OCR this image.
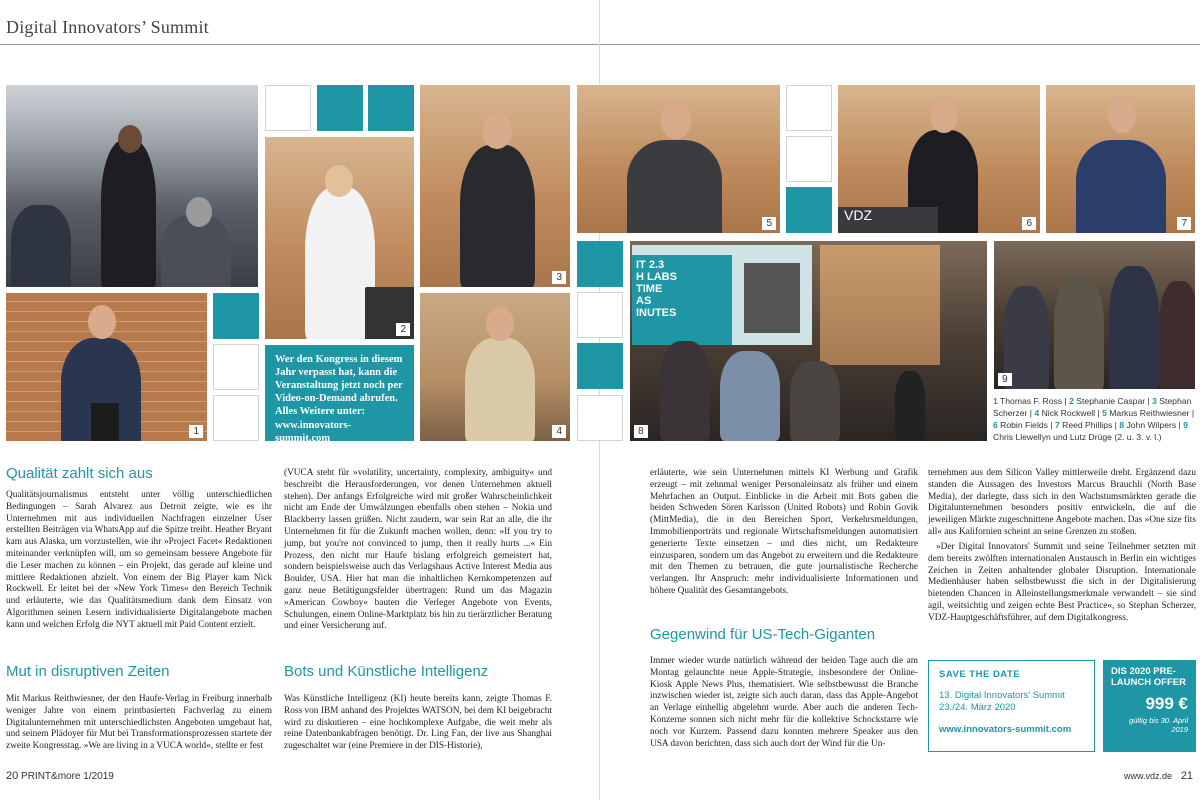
Digital Innovators’ Summit
2
3
1	4
Wer den Kongress in diesem Jahr verpasst hat, kann die Veranstaltung jetzt noch per Video-on-Demand abrufen. Alles Weitere unter:
www.innovators-summit.com
5
VDZ
6	7
IT 2.3
H LABS
TIME
AS
INUTES
8
9
1 Thomas F. Ross | 2 Stephanie Caspar | 3 Stephan Scherzer | 4 Nick Rockwell | 5 Markus Reithwiesner | 6 Robin Fields | 7 Reed Phillips | 8 John Wilpers | 9 Chris Llewellyn und Lutz Drüge (2. u. 3. v. l.)
Qualität zahlt sich aus

Qualitätsjournalismus entsteht unter völlig unterschiedlichen Bedingungen – Sarah Alvarez aus Detroit zeigte, wie es ihr Unternehmen mit aus individuellen Nachfragen einzelner User erstellten Beiträgen via WhatsApp auf die Spitze treibt. Heather Bryant kam aus Alaska, um vorzustellen, wie ihr »Project Facet« Redaktionen miteinander verknüpfen will, um so gemeinsam bessere Angebote für die Leser machen zu können – ein Projekt, das gerade auf kleine und mittlere Redaktionen abzielt. Von einem der Big Player kam Nick Rockwell. Er leitet bei der »New York Times« den Bereich Technik und erläuterte, wie das Qualitätsmedium dank dem Einsatz von Algorithmen seinen Lesern individualisierte Digitalangebote machen kann und welchen Erfolg die NYT aktuell mit Paid Content erzielt.

Mut in disruptiven Zeiten

Mit Markus Reithwiesner, der den Haufe-Verlag in Freiburg innerhalb weniger Jahre von einem printbasierten Fachverlag zu einem Digitalunternehmen mit unterschiedlichsten Angeboten umgebaut hat, und seinem Plädoyer für Mut bei Transformationsprozessen startete der zweite Kongresstag. »We are living in a VUCA world«, stellte er fest

(VUCA steht für »volatility, uncertainty, complexity, ambiguity« und beschreibt die Herausforderungen, vor denen Unternehmen aktuell stehen). Der anfangs Erfolgreiche wird mit großer Wahrscheinlichkeit nicht am Ende der Umwälzungen ebenfalls oben stehen – Nokia und Blackberry lassen grüßen. Nicht zaudern, war sein Rat an alle, die ihr Unternehmen fit für die Zukunft machen wollen, denn: »If you try to jump, but you're not convinced to jump, then it really hurts ...« Ein Prozess, den nicht nur Haufe bislang erfolgreich gemeistert hat, sondern beispielsweise auch das Verlagshaus Active Interest Media aus Boulder, USA. Hier hat man die inhaltlichen Kernkompetenzen auf ganz neue Betätigungsfelder übertragen: Rund um das Magazin »American Cowboy« bauten die Verleger Angebote von Events, Schulungen, einem Online-Marktplatz bis hin zu tierärztlicher Beratung und einer Versicherung auf.

Bots und Künstliche Intelligenz

Was Künstliche Intelligenz (KI) heute bereits kann, zeigte Thomas F. Ross von IBM anhand des Projektes WATSON, bei dem KI beigebracht wird zu diskutieren – eine hochkomplexe Aufgabe, die weit mehr als reine Datenbankabfragen benötigt. Dr. Ling Fan, der live aus Shanghai zugeschaltet war (eine Premiere in der DIS-Historie),

erläuterte, wie sein Unternehmen mittels KI Werbung und Grafik erzeugt – mit zehnmal weniger Personaleinsatz als früher und einem Mehrfachen an Output. Einblicke in die Arbeit mit Bots gaben die beiden Schweden Sören Karlsson (United Robots) und Robin Govik (MittMedia), die in den Bereichen Sport, Verkehrsmeldungen, Immobilienporträts und regionale Wirtschaftsmeldungen automatisiert generierte Texte einsetzen – und dies nicht, um Redakteure einzusparen, sondern um das Angebot zu erweitern und die Redakteure mit den Themen zu betrauen, die gute journalistische Recherche verlangen. Ihr Anspruch: mehr individualisierte Informationen und höhere Qualität des Gesamtangebots.

Gegenwind für US-Tech-Giganten

Immer wieder wurde natürlich während der beiden Tage auch die am Montag gelaunchte neue Apple-Strategie, insbesondere der Online-Kiosk Apple News Plus, thematisiert. Wie selbstbewusst die Branche inzwischen wieder ist, zeigte sich auch daran, dass das Apple-Angebot an Verlage einhellig abgelehnt wurde. Aber auch die anderen Tech-Konzerne sonnen sich nicht mehr für die kollektive Schockstarre wie noch vor Kurzem. Passend dazu konnten mehrere Speaker aus den USA davon berichten, dass sich auch dort der Wind für die Un-

ternehmen aus dem Silicon Valley mittlerweile dreht. Ergänzend dazu standen die Aussagen des Investors Marcus Brauchli (North Base Media), der darlegte, dass sich in den Wachstumsmärkten gerade die Digitalunternehmen besonders positiv entwickeln, die auf die jeweiligen Märkte zugeschnittene Angebote machen. Das »One size fits all« aus Kalifornien scheint an seine Grenzen zu stoßen.

»Der Digital Innovators' Summit und seine Teilnehmer setzten mit dem bereits zwölften internationalen Austausch in Berlin ein wichtiges Zeichen in Zeiten anhaltender globaler Disruption. Internationale Medienhäuser haben selbstbewusst die sich in der Digitalisierung bietenden Chancen in Alleinstellungsmerkmale verwandelt – sie sind agil, weitsichtig und zeigen echte Best Practice«, so Stephan Scherzer, VDZ-Hauptgeschäftsführer, auf dem Digitalkongress.

SAVE THE DATE
13. Digital Innovators’ Summit
23./24. März 2020
www.innovators-summit.com
DIS 2020 PRE-LAUNCH OFFER
999 €
gültig bis 30. April 2019
20 PRINT&more 1/2019	www.vdz.de 21
